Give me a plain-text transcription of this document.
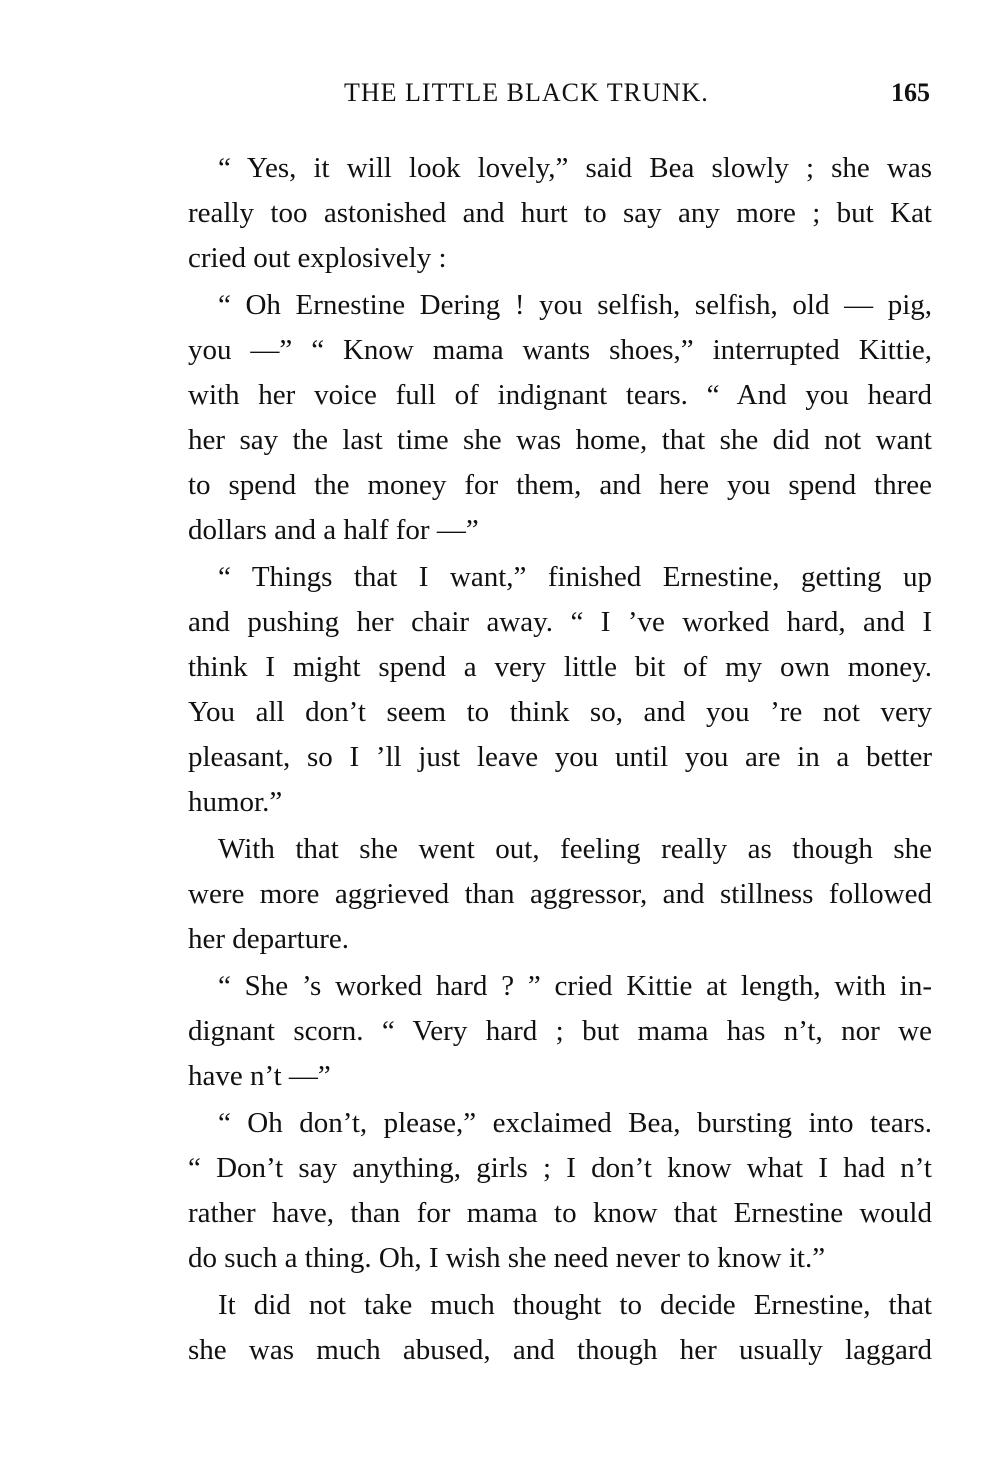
THE LITTLE BLACK TRUNK.	165
“ Yes, it will look lovely,” said Bea slowly ; she was
really too astonished and hurt to say any more ; but Kat
cried out explosively :
“ Oh Ernestine Dering ! you selfish, selfish, old — pig,
you —” “ Know mama wants shoes,” interrupted Kittie,
with her voice full of indignant tears. “ And you heard
her say the last time she was home, that she did not want
to spend the money for them, and here you spend three
dollars and a half for —”
“ Things that I want,” finished Ernestine, getting up
and pushing her chair away. “ I ’ve worked hard, and I
think I might spend a very little bit of my own money.
You all don’t seem to think so, and you ’re not very
pleasant, so I ’ll just leave you until you are in a better
humor.”
With that she went out, feeling really as though she
were more aggrieved than aggressor, and stillness followed
her departure.
“ She ’s worked hard ? ” cried Kittie at length, with in-
dignant scorn. “ Very hard ; but mama has n’t, nor we
have n’t —”
“ Oh don’t, please,” exclaimed Bea, bursting into tears.
“ Don’t say anything, girls ; I don’t know what I had n’t
rather have, than for mama to know that Ernestine would
do such a thing. Oh, I wish she need never to know it.”
It did not take much thought to decide Ernestine, that
she was much abused, and though her usually laggard
